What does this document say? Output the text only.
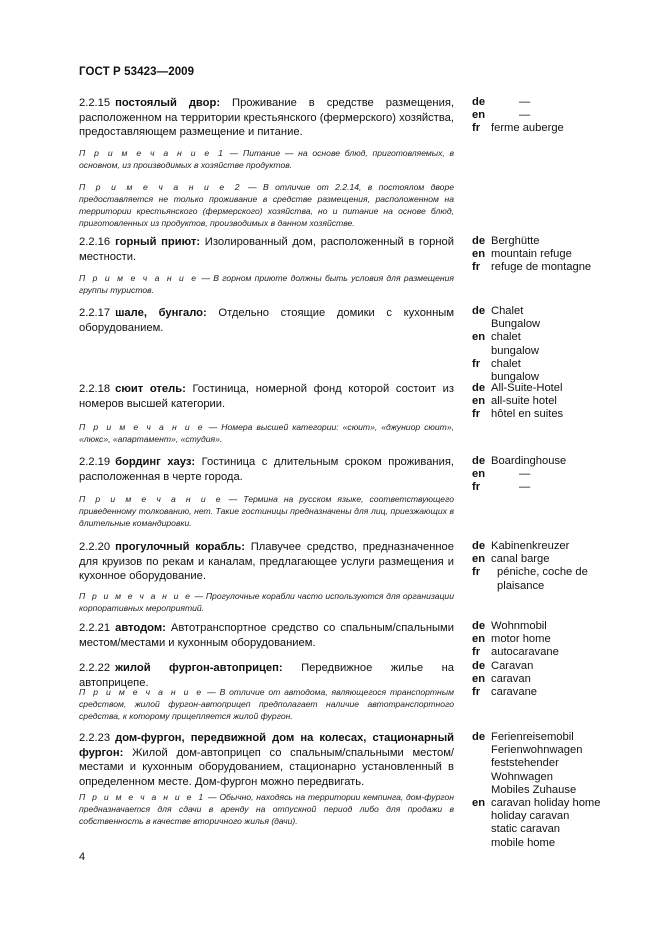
ГОСТ Р 53423—2009
2.2.15 постоялый двор: Проживание в средстве размещения, расположенном на территории крестьянского (фермерского) хозяйства, предоставляющем размещение и питание.
П р и м е ч а н и е 1 — Питание — на основе блюд, приготовляемых, в основном, из производимых в хозяйстве продуктов.
П р и м е ч а н и е 2 — В отличие от 2.2.14, в постоялом дворе предоставляется не только проживание в средстве размещения, расположенном на территории крестьянского (фермерского) хозяйства, но и питание на основе блюд, приготовленных из продуктов, производимых в данном хозяйстве.
de	—
en	—
fr ferme auberge
2.2.16 горный приют: Изолированный дом, расположенный в горной местности.
П р и м е ч а н и е — В горном приюте должны быть условия для размещения группы туристов.
de Berghütte
en mountain refuge
fr refuge de montagne
2.2.17 шале, бунгало: Отдельно стоящие домики с кухонным оборудованием.
de Chalet
Bungalow
en chalet
bungalow
fr chalet
bungalow
2.2.18 сюит отель: Гостиница, номерной фонд которой состоит из номеров высшей категории.
П р и м е ч а н и е — Номера высшей категории: «сюит», «джуниор сюит», «люкс», «апартамент», «студия».
de All-Suite-Hotel
en all-suite hotel
fr hôtel en suites
2.2.19 бординг хауз: Гостиница с длительным сроком проживания, расположенная в черте города.
П р и м е ч а н и е — Термина на русском языке, соответствующего приведенному толкованию, нет. Такие гостиницы предназначены для лиц, приезжающих в длительные командировки.
de Boardinghouse
en	—
fr	—
2.2.20 прогулочный корабль: Плавучее средство, предназначенное для круизов по рекам и каналам, предлагающее услуги размещения и кухонное оборудование.
П р и м е ч а н и е — Прогулочные корабли часто используются для организации корпоративных мероприятий.
de Kabinenkreuzer
en canal barge
fr	péniche, coche de plaisance
2.2.21 автодом: Автотранспортное средство со спальным/спальными местом/местами и кухонным оборудованием.
de Wohnmobil
en motor home
fr autocaravane
2.2.22 жилой фургон-автоприцеп: Передвижное жилье на автоприцепе.
П р и м е ч а н и е — В отличие от автодома, являющегося транспортным средством, жилой фургон-автоприцеп предполагает наличие автотранспортного средства, к которому прицепляется жилой фургон.
de Caravan
en caravan
fr caravane
2.2.23 дом-фургон, передвижной дом на колесах, стационарный фургон: Жилой дом-автоприцеп со спальным/спальными местом/местами и кухонным оборудованием, стационарно установленный в определенном месте. Дом-фургон можно передвигать.
П р и м е ч а н и е 1 — Обычно, находясь на территории кемпинга, дом-фургон предназначается для сдачи в аренду на отпускной период либо для продажи в собственность в качестве вторичного жилья (дачи).
de Ferienreisemobil
Ferienwohnwagen
feststehender
Wohnwagen
Mobiles Zuhause
en caravan holiday home
holiday caravan
static caravan
mobile home
4
